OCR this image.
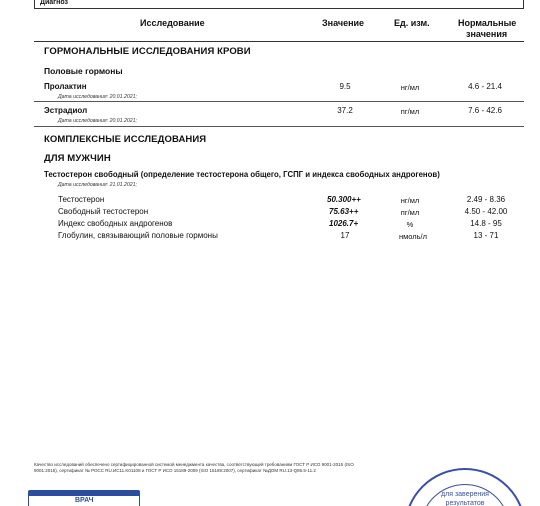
Диагноз
Исследование	Значение	Ед. изм.	Нормальные
значения
ГОРМОНАЛЬНЫЕ ИССЛЕДОВАНИЯ КРОВИ
Половые гормоны
Пролактин	9.5	нг/мл	4.6 - 21.4
Дата исследования: 20.01.2021;
Эстрадиол	37.2	пг/мл	7.6 - 42.6
Дата исследования: 20.01.2021;
КОМПЛЕКСНЫЕ ИССЛЕДОВАНИЯ
ДЛЯ МУЖЧИН
Тестостерон свободный (определение тестостерона общего, ГСПГ и индекса свободных андрогенов)
Дата исследования: 21.01.2021;
Тестостерон	50.300++	нг/мл	2.49 - 8.36
Свободный тестостерон	75.63++	пг/мл	4.50 - 42.00
Индекс свободных андрогенов	1026.7+	%	14.8 - 95
Глобулин, связывающий половые гормоны	17	нмоль/л	13 - 71
Качество исследований обеспечено сертифицированной системой менеджмента качества, соответствующей требованиям ГОСТ Р ИСО 9001-2015 (ISO
9001:2015), сертификат № РОСС RU.ИС11.K01108 и ГОСТ Р ИСО 15189-2009 (ISO 15189:2007), сертификат №ДОМ RU.13-Q86.5-11.2
ВРАЧ
для заверения
результатов
